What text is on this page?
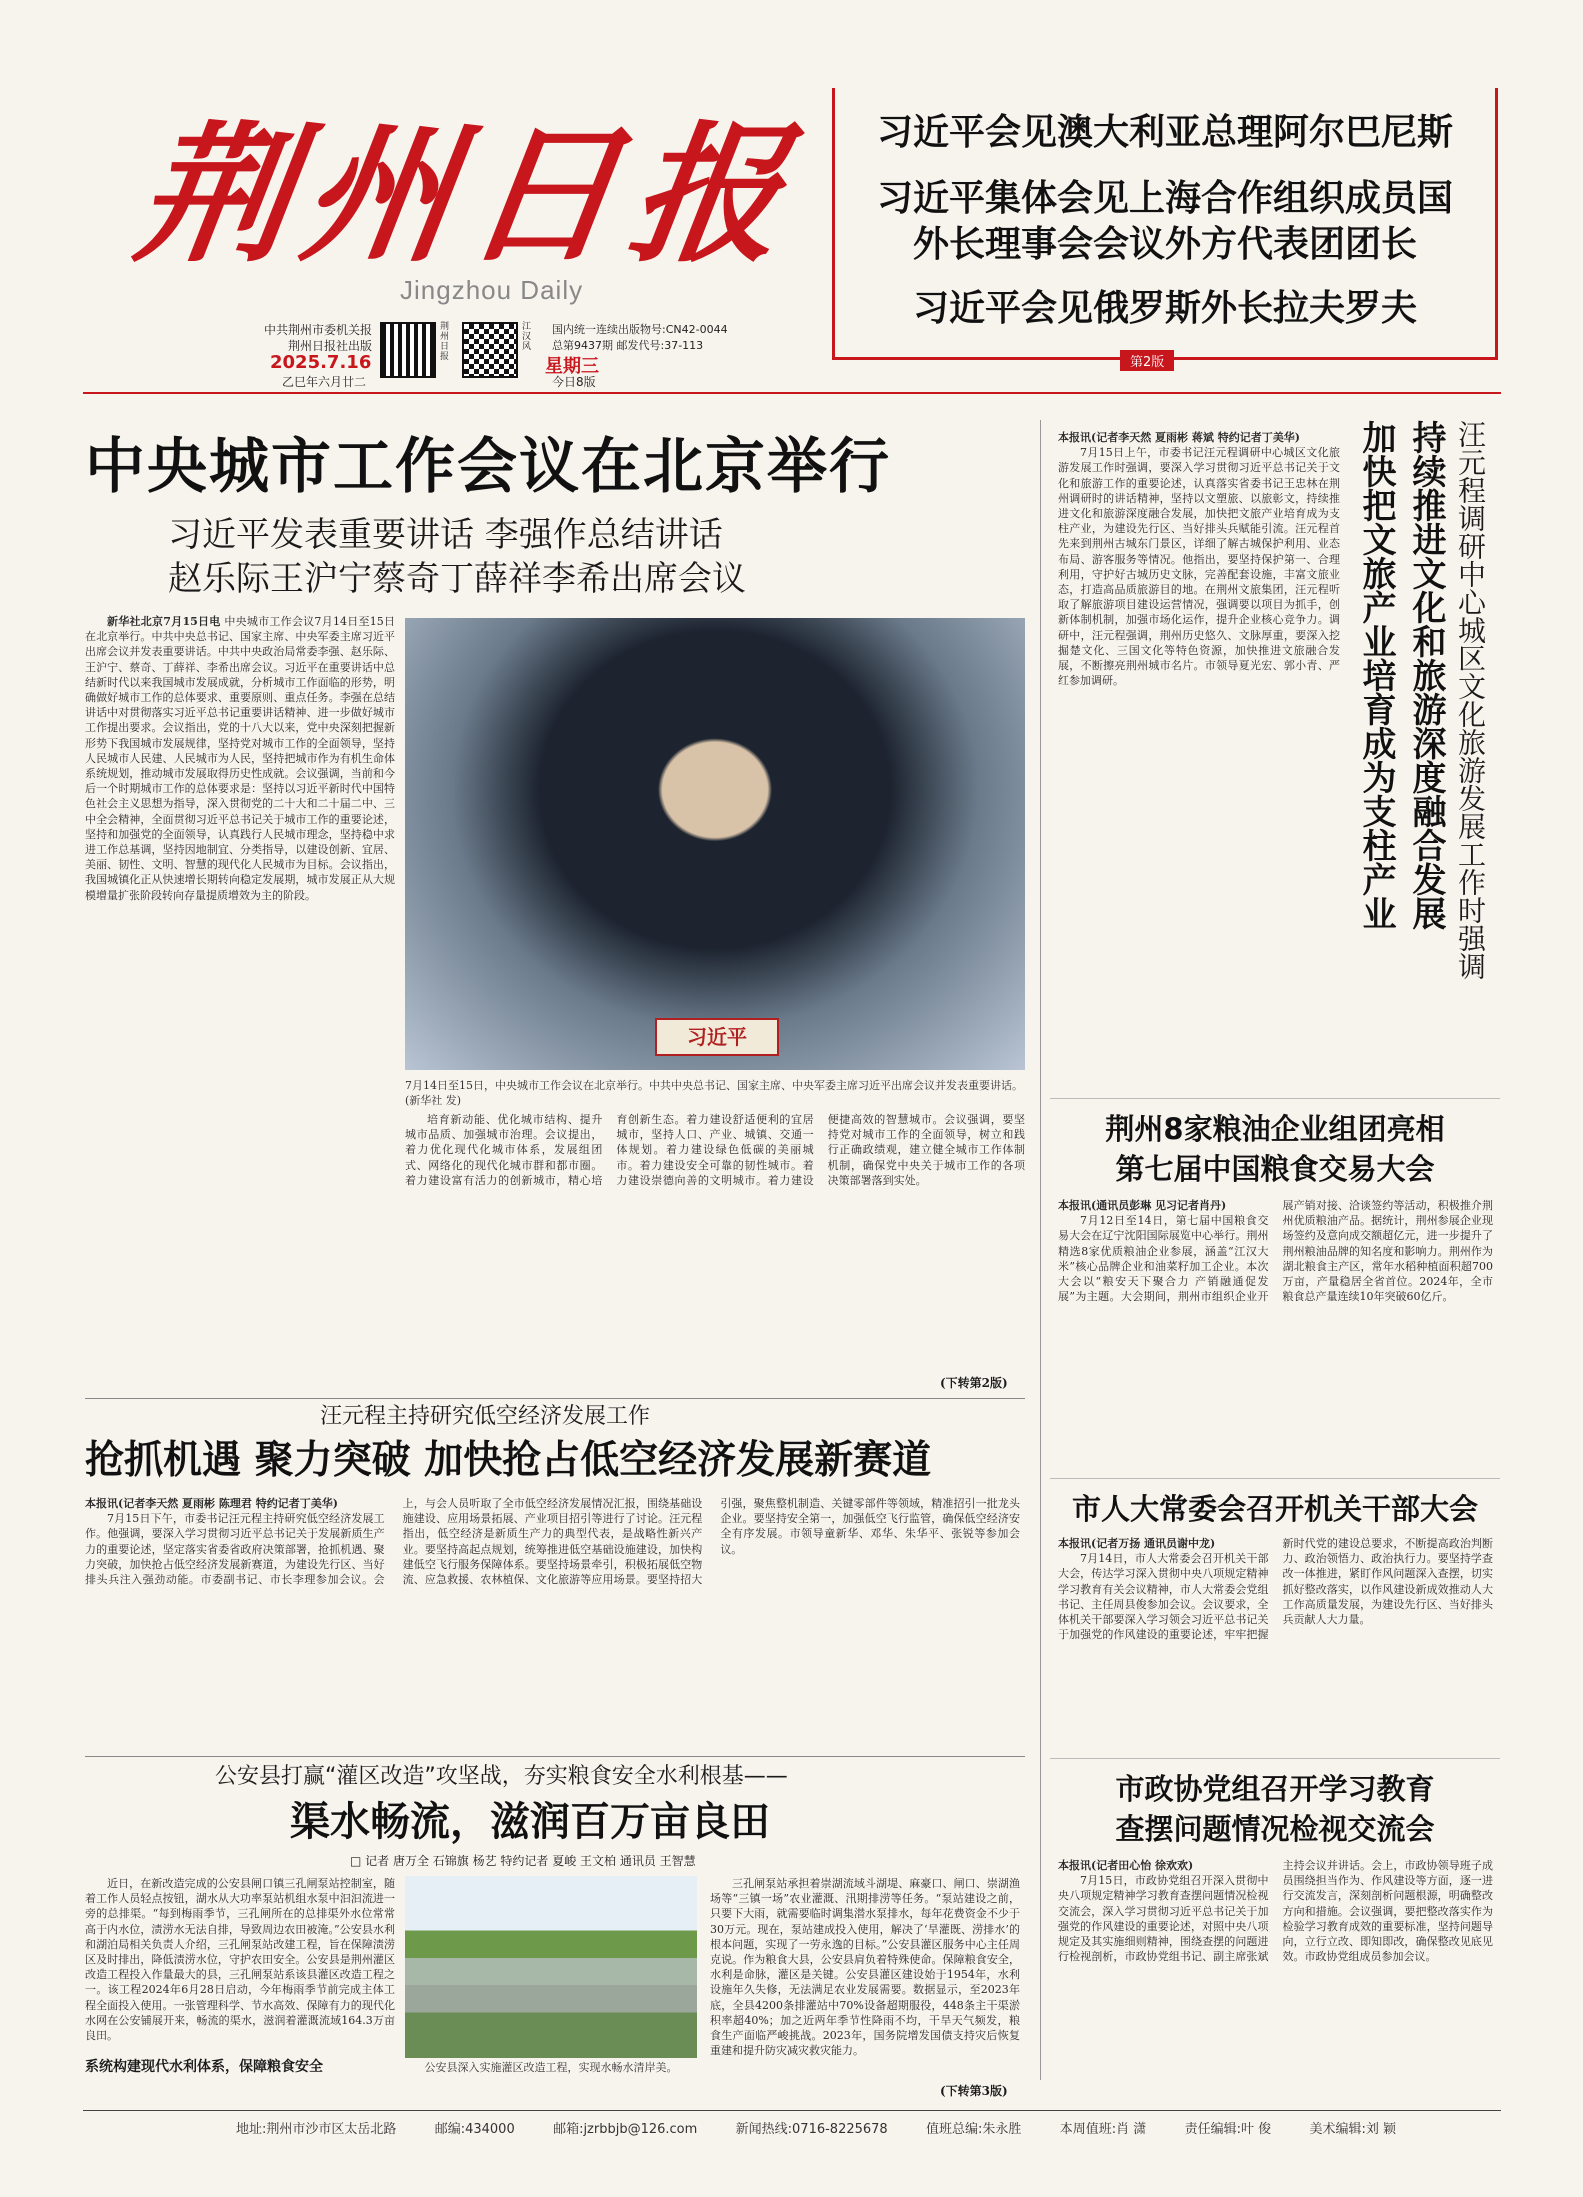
荆州日报
Jingzhou Daily
中共荆州市委机关报
荆州日报社出版
2025.7.16
乙巳年六月廿二
荆州日报
江汉风
星期三
国内统一连续出版物号:CN42-0044
总第9437期 邮发代号:37-113
今日8版
习近平会见澳大利亚总理阿尔巴尼斯
习近平集体会见上海合作组织成员国
外长理事会会议外方代表团团长
习近平会见俄罗斯外长拉夫罗夫
第2版
中央城市工作会议在北京举行
习近平发表重要讲话 李强作总结讲话
赵乐际王沪宁蔡奇丁薛祥李希出席会议

新华社北京7月15日电 中央城市工作会议7月14日至15日在北京举行。中共中央总书记、国家主席、中央军委主席习近平出席会议并发表重要讲话。中共中央政治局常委李强、赵乐际、王沪宁、蔡奇、丁薛祥、李希出席会议。习近平在重要讲话中总结新时代以来我国城市发展成就，分析城市工作面临的形势，明确做好城市工作的总体要求、重要原则、重点任务。李强在总结讲话中对贯彻落实习近平总书记重要讲话精神、进一步做好城市工作提出要求。会议指出，党的十八大以来，党中央深刻把握新形势下我国城市发展规律，坚持党对城市工作的全面领导，坚持人民城市人民建、人民城市为人民，坚持把城市作为有机生命体系统规划，推动城市发展取得历史性成就。会议强调，当前和今后一个时期城市工作的总体要求是：坚持以习近平新时代中国特色社会主义思想为指导，深入贯彻党的二十大和二十届二中、三中全会精神，全面贯彻习近平总书记关于城市工作的重要论述，坚持和加强党的全面领导，认真践行人民城市理念，坚持稳中求进工作总基调，坚持因地制宜、分类指导，以建设创新、宜居、美丽、韧性、文明、智慧的现代化人民城市为目标。会议指出，我国城镇化正从快速增长期转向稳定发展期，城市发展正从大规模增量扩张阶段转向存量提质增效为主的阶段。

习近平
7月14日至15日，中央城市工作会议在北京举行。中共中央总书记、国家主席、中央军委主席习近平出席会议并发表重要讲话。 (新华社 发)

培育新动能、优化城市结构、提升城市品质、加强城市治理。会议提出，着力优化现代化城市体系，发展组团式、网络化的现代化城市群和都市圈。着力建设富有活力的创新城市，精心培育创新生态。着力建设舒适便利的宜居城市，坚持人口、产业、城镇、交通一体规划。着力建设绿色低碳的美丽城市。着力建设安全可靠的韧性城市。着力建设崇德向善的文明城市。着力建设便捷高效的智慧城市。会议强调，要坚持党对城市工作的全面领导，树立和践行正确政绩观，建立健全城市工作体制机制，确保党中央关于城市工作的各项决策部署落到实处。

(下转第2版)
汪元程调研中心城区文化旅游发展工作时强调
持续推进文化和旅游深度融合发展
加快把文旅产业培育成为支柱产业

本报讯(记者李天然 夏雨彬 蒋斌 特约记者丁美华)

7月15日上午，市委书记汪元程调研中心城区文化旅游发展工作时强调，要深入学习贯彻习近平总书记关于文化和旅游工作的重要论述，认真落实省委书记王忠林在荆州调研时的讲话精神，坚持以文塑旅、以旅彰文，持续推进文化和旅游深度融合发展，加快把文旅产业培育成为支柱产业，为建设先行区、当好排头兵赋能引流。汪元程首先来到荆州古城东门景区，详细了解古城保护利用、业态布局、游客服务等情况。他指出，要坚持保护第一、合理利用，守护好古城历史文脉，完善配套设施，丰富文旅业态，打造高品质旅游目的地。在荆州文旅集团，汪元程听取了解旅游项目建设运营情况，强调要以项目为抓手，创新体制机制，加强市场化运作，提升企业核心竞争力。调研中，汪元程强调，荆州历史悠久、文脉厚重，要深入挖掘楚文化、三国文化等特色资源，加快推进文旅融合发展，不断擦亮荆州城市名片。市领导夏光宏、郭小青、严红参加调研。

荆州8家粮油企业组团亮相
第七届中国粮食交易大会

本报讯(通讯员彭琳 见习记者肖丹)

7月12日至14日，第七届中国粮食交易大会在辽宁沈阳国际展览中心举行。荆州精选8家优质粮油企业参展，涵盖“江汉大米”核心品牌企业和油菜籽加工企业。本次大会以“粮安天下聚合力 产销融通促发展”为主题。大会期间，荆州市组织企业开展产销对接、洽谈签约等活动，积极推介荆州优质粮油产品。据统计，荆州参展企业现场签约及意向成交额超亿元，进一步提升了荆州粮油品牌的知名度和影响力。荆州作为湖北粮食主产区，常年水稻种植面积超700万亩，产量稳居全省首位。2024年，全市粮食总产量连续10年突破60亿斤。

市人大常委会召开机关干部大会

本报讯(记者万扬 通讯员谢中龙)

7月14日，市人大常委会召开机关干部大会，传达学习深入贯彻中央八项规定精神学习教育有关会议精神，市人大常委会党组书记、主任周县俊参加会议。会议要求，全体机关干部要深入学习领会习近平总书记关于加强党的作风建设的重要论述，牢牢把握新时代党的建设总要求，不断提高政治判断力、政治领悟力、政治执行力。要坚持学查改一体推进，紧盯作风问题深入查摆，切实抓好整改落实，以作风建设新成效推动人大工作高质量发展，为建设先行区、当好排头兵贡献人大力量。

市政协党组召开学习教育
查摆问题情况检视交流会

本报讯(记者田心怡 徐欢欢)

7月15日，市政协党组召开深入贯彻中央八项规定精神学习教育查摆问题情况检视交流会，深入学习贯彻习近平总书记关于加强党的作风建设的重要论述，对照中央八项规定及其实施细则精神，围绕查摆的问题进行检视剖析，市政协党组书记、副主席张斌主持会议并讲话。会上，市政协领导班子成员围绕担当作为、作风建设等方面，逐一进行交流发言，深刻剖析问题根源，明确整改方向和措施。会议强调，要把整改落实作为检验学习教育成效的重要标准，坚持问题导向，立行立改、即知即改，确保整改见底见效。市政协党组成员参加会议。

汪元程主持研究低空经济发展工作
抢抓机遇 聚力突破 加快抢占低空经济发展新赛道

本报讯(记者李天然 夏雨彬 陈理君 特约记者丁美华)

7月15日下午，市委书记汪元程主持研究低空经济发展工作。他强调，要深入学习贯彻习近平总书记关于发展新质生产力的重要论述，坚定落实省委省政府决策部署，抢抓机遇、聚力突破，加快抢占低空经济发展新赛道，为建设先行区、当好排头兵注入强劲动能。市委副书记、市长李理参加会议。会上，与会人员听取了全市低空经济发展情况汇报，围绕基础设施建设、应用场景拓展、产业项目招引等进行了讨论。汪元程指出，低空经济是新质生产力的典型代表，是战略性新兴产业。要坚持高起点规划，统筹推进低空基础设施建设，加快构建低空飞行服务保障体系。要坚持场景牵引，积极拓展低空物流、应急救援、农林植保、文化旅游等应用场景。要坚持招大引强，聚焦整机制造、关键零部件等领域，精准招引一批龙头企业。要坚持安全第一，加强低空飞行监管，确保低空经济安全有序发展。市领导童新华、邓华、朱华平、张锐等参加会议。

公安县打赢“灌区改造”攻坚战，夯实粮食安全水利根基——
渠水畅流，滋润百万亩良田
□ 记者 唐万全 石锦旗 杨艺 特约记者 夏峻 王文柏 通讯员 王智慧

近日，在新改造完成的公安县闸口镇三孔闸泵站控制室，随着工作人员轻点按钮，湖水从大功率泵站机组水泵中汩汩流进一旁的总排渠。“每到梅雨季节，三孔闸所在的总排渠外水位常常高于内水位，渍涝水无法自排，导致周边农田被淹。”公安县水利和湖泊局相关负责人介绍，三孔闸泵站改建工程，旨在保障渍涝区及时排出，降低渍涝水位，守护农田安全。公安县是荆州灌区改造工程投入作量最大的县，三孔闸泵站系该县灌区改造工程之一。该工程2024年6月28日启动，今年梅雨季节前完成主体工程全面投入使用。一张管理科学、节水高效、保障有力的现代化水网在公安铺展开来，畅流的渠水，滋润着灌溉流域164.3万亩良田。

系统构建现代水利体系，保障粮食安全	公安县深入实施灌区改造工程，实现水畅水清岸美。

三孔闸泵站承担着崇湖流域斗湖堤、麻豪口、闸口、崇湖渔场等“三镇一场”农业灌溉、汛期排涝等任务。“泵站建设之前，只要下大雨，就需要临时调集潜水泵排水，每年花费资金不少于30万元。现在，泵站建成投入使用，解决了‘旱灌既、涝排水’的根本问题，实现了一劳永逸的目标。”公安县灌区服务中心主任周克说。作为粮食大县，公安县肩负着特殊使命。保障粮食安全，水利是命脉，灌区是关键。公安县灌区建设始于1954年，水利设施年久失修，无法满足农业发展需要。数据显示，至2023年底，全县4200条排灌站中70%设备超期服役，448条主干渠淤积率超40%；加之近两年季节性降雨不均，干旱天气频发，粮食生产面临严峻挑战。2023年，国务院增发国债支持灾后恢复重建和提升防灾减灾救灾能力。

(下转第3版)
地址:荆州市沙市区太岳北路	邮编:434000	邮箱:jzrbbjb@126.com	新闻热线:0716-8225678	值班总编:朱永胜	本周值班:肖 潇	责任编辑:叶 俊	美术编辑:刘 颖
